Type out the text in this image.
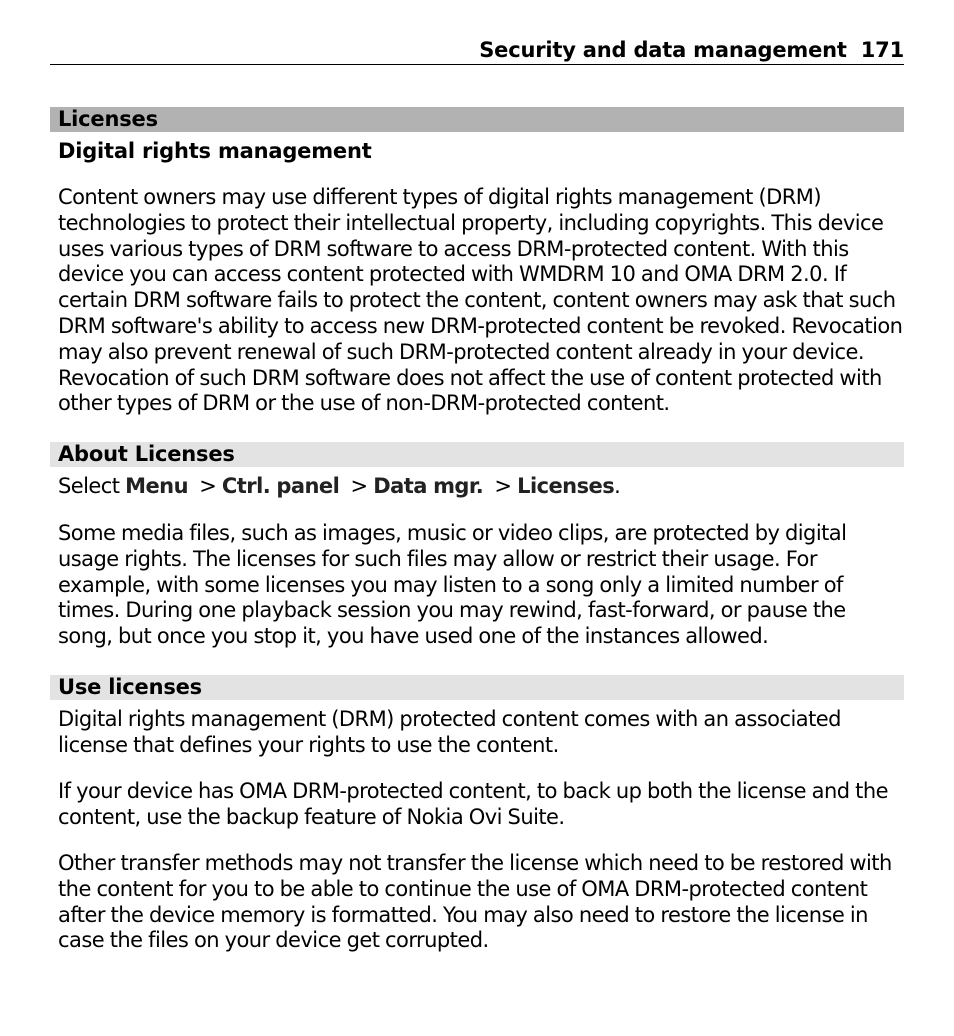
Security and data management 171
Licenses
Digital rights management
Content owners may use different types of digital rights management (DRM) technologies to protect their intellectual property, including copyrights. This device uses various types of DRM software to access DRM-protected content. With this device you can access content protected with WMDRM 10 and OMA DRM 2.0. If certain DRM software fails to protect the content, content owners may ask that such DRM software's ability to access new DRM-protected content be revoked. Revocation may also prevent renewal of such DRM-protected content already in your device. Revocation of such DRM software does not affect the use of content protected with other types of DRM or the use of non-DRM-protected content.
About Licenses
Select Menu > Ctrl. panel > Data mgr. > Licenses.
Some media files, such as images, music or video clips, are protected by digital usage rights. The licenses for such files may allow or restrict their usage. For example, with some licenses you may listen to a song only a limited number of times. During one playback session you may rewind, fast-forward, or pause the song, but once you stop it, you have used one of the instances allowed.
Use licenses
Digital rights management (DRM) protected content comes with an associated license that defines your rights to use the content.
If your device has OMA DRM-protected content, to back up both the license and the content, use the backup feature of Nokia Ovi Suite.
Other transfer methods may not transfer the license which need to be restored with the content for you to be able to continue the use of OMA DRM-protected content after the device memory is formatted. You may also need to restore the license in case the files on your device get corrupted.
